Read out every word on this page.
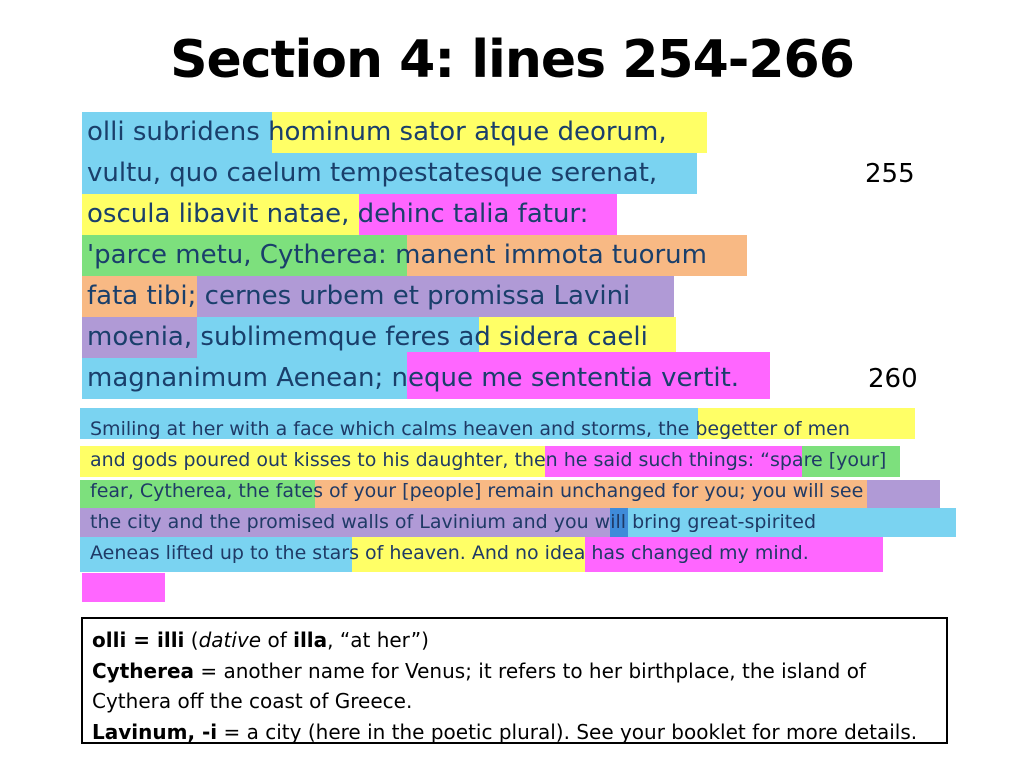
Section 4: lines 254-266
olli subridens hominum sator atque deorum,
vultu, quo caelum tempestatesque serenat,
oscula libavit natae, dehinc talia fatur:
'parce metu, Cytherea: manent immota tuorum
fata tibi; cernes urbem et promissa Lavini
moenia, sublimemque feres ad sidera caeli
magnanimum Aenean; neque me sententia vertit.
255
260
Smiling at her with a face which calms heaven and storms, the begetter of men
and gods poured out kisses to his daughter, then he said such things: “spare [your]
fear, Cytherea, the fates of your [people] remain unchanged for you; you will see
the city and the promised walls of Lavinium and you will bring great-spirited
Aeneas lifted up to the stars of heaven. And no idea has changed my mind.

olli = illi (dative of illa, “at her”)

Cytherea = another name for Venus; it refers to her birthplace, the island of

Cythera off the coast of Greece.

Lavinum, -i = a city (here in the poetic plural). See your booklet for more details.
